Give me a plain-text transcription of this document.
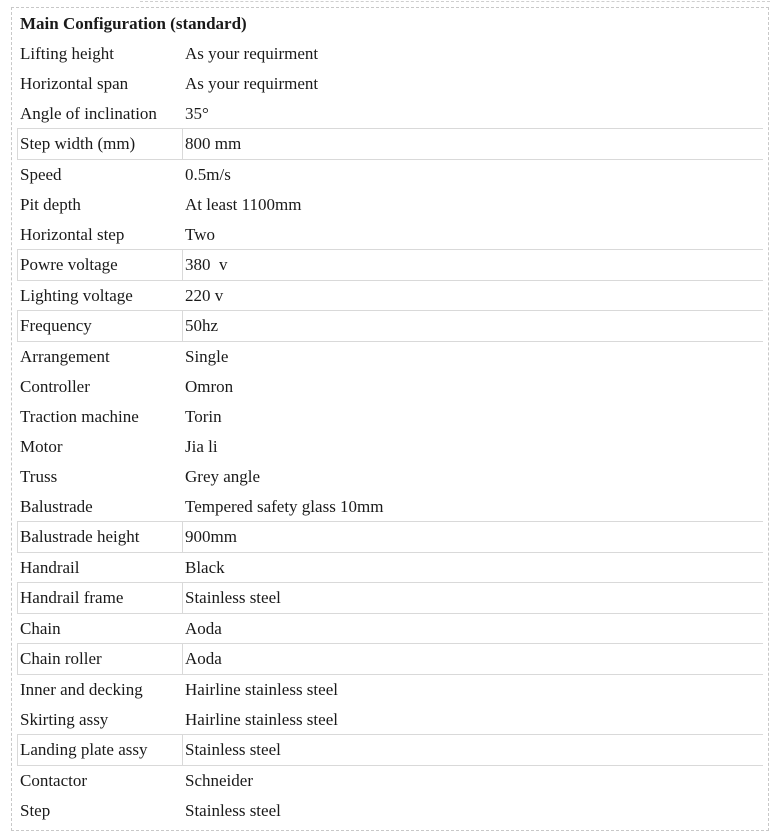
Main Configuration (standard)	
Lifting height	As your requirment
Horizontal span	As your requirment
Angle of inclination	35°
Step width (mm)	800 mm
Speed	0.5m/s
Pit depth	At least 1100mm
Horizontal step	Two
Powre voltage	380  v
Lighting voltage	220 v
Frequency	50hz
Arrangement	Single
Controller	Omron
Traction machine	Torin
Motor	Jia li
Truss	Grey angle
Balustrade	Tempered safety glass 10mm
Balustrade height	900mm
Handrail	Black
Handrail frame	Stainless steel
Chain	Aoda
Chain roller	Aoda
Inner and decking	Hairline stainless steel
Skirting assy	Hairline stainless steel
Landing plate assy	Stainless steel
Contactor	Schneider
Step	Stainless steel
